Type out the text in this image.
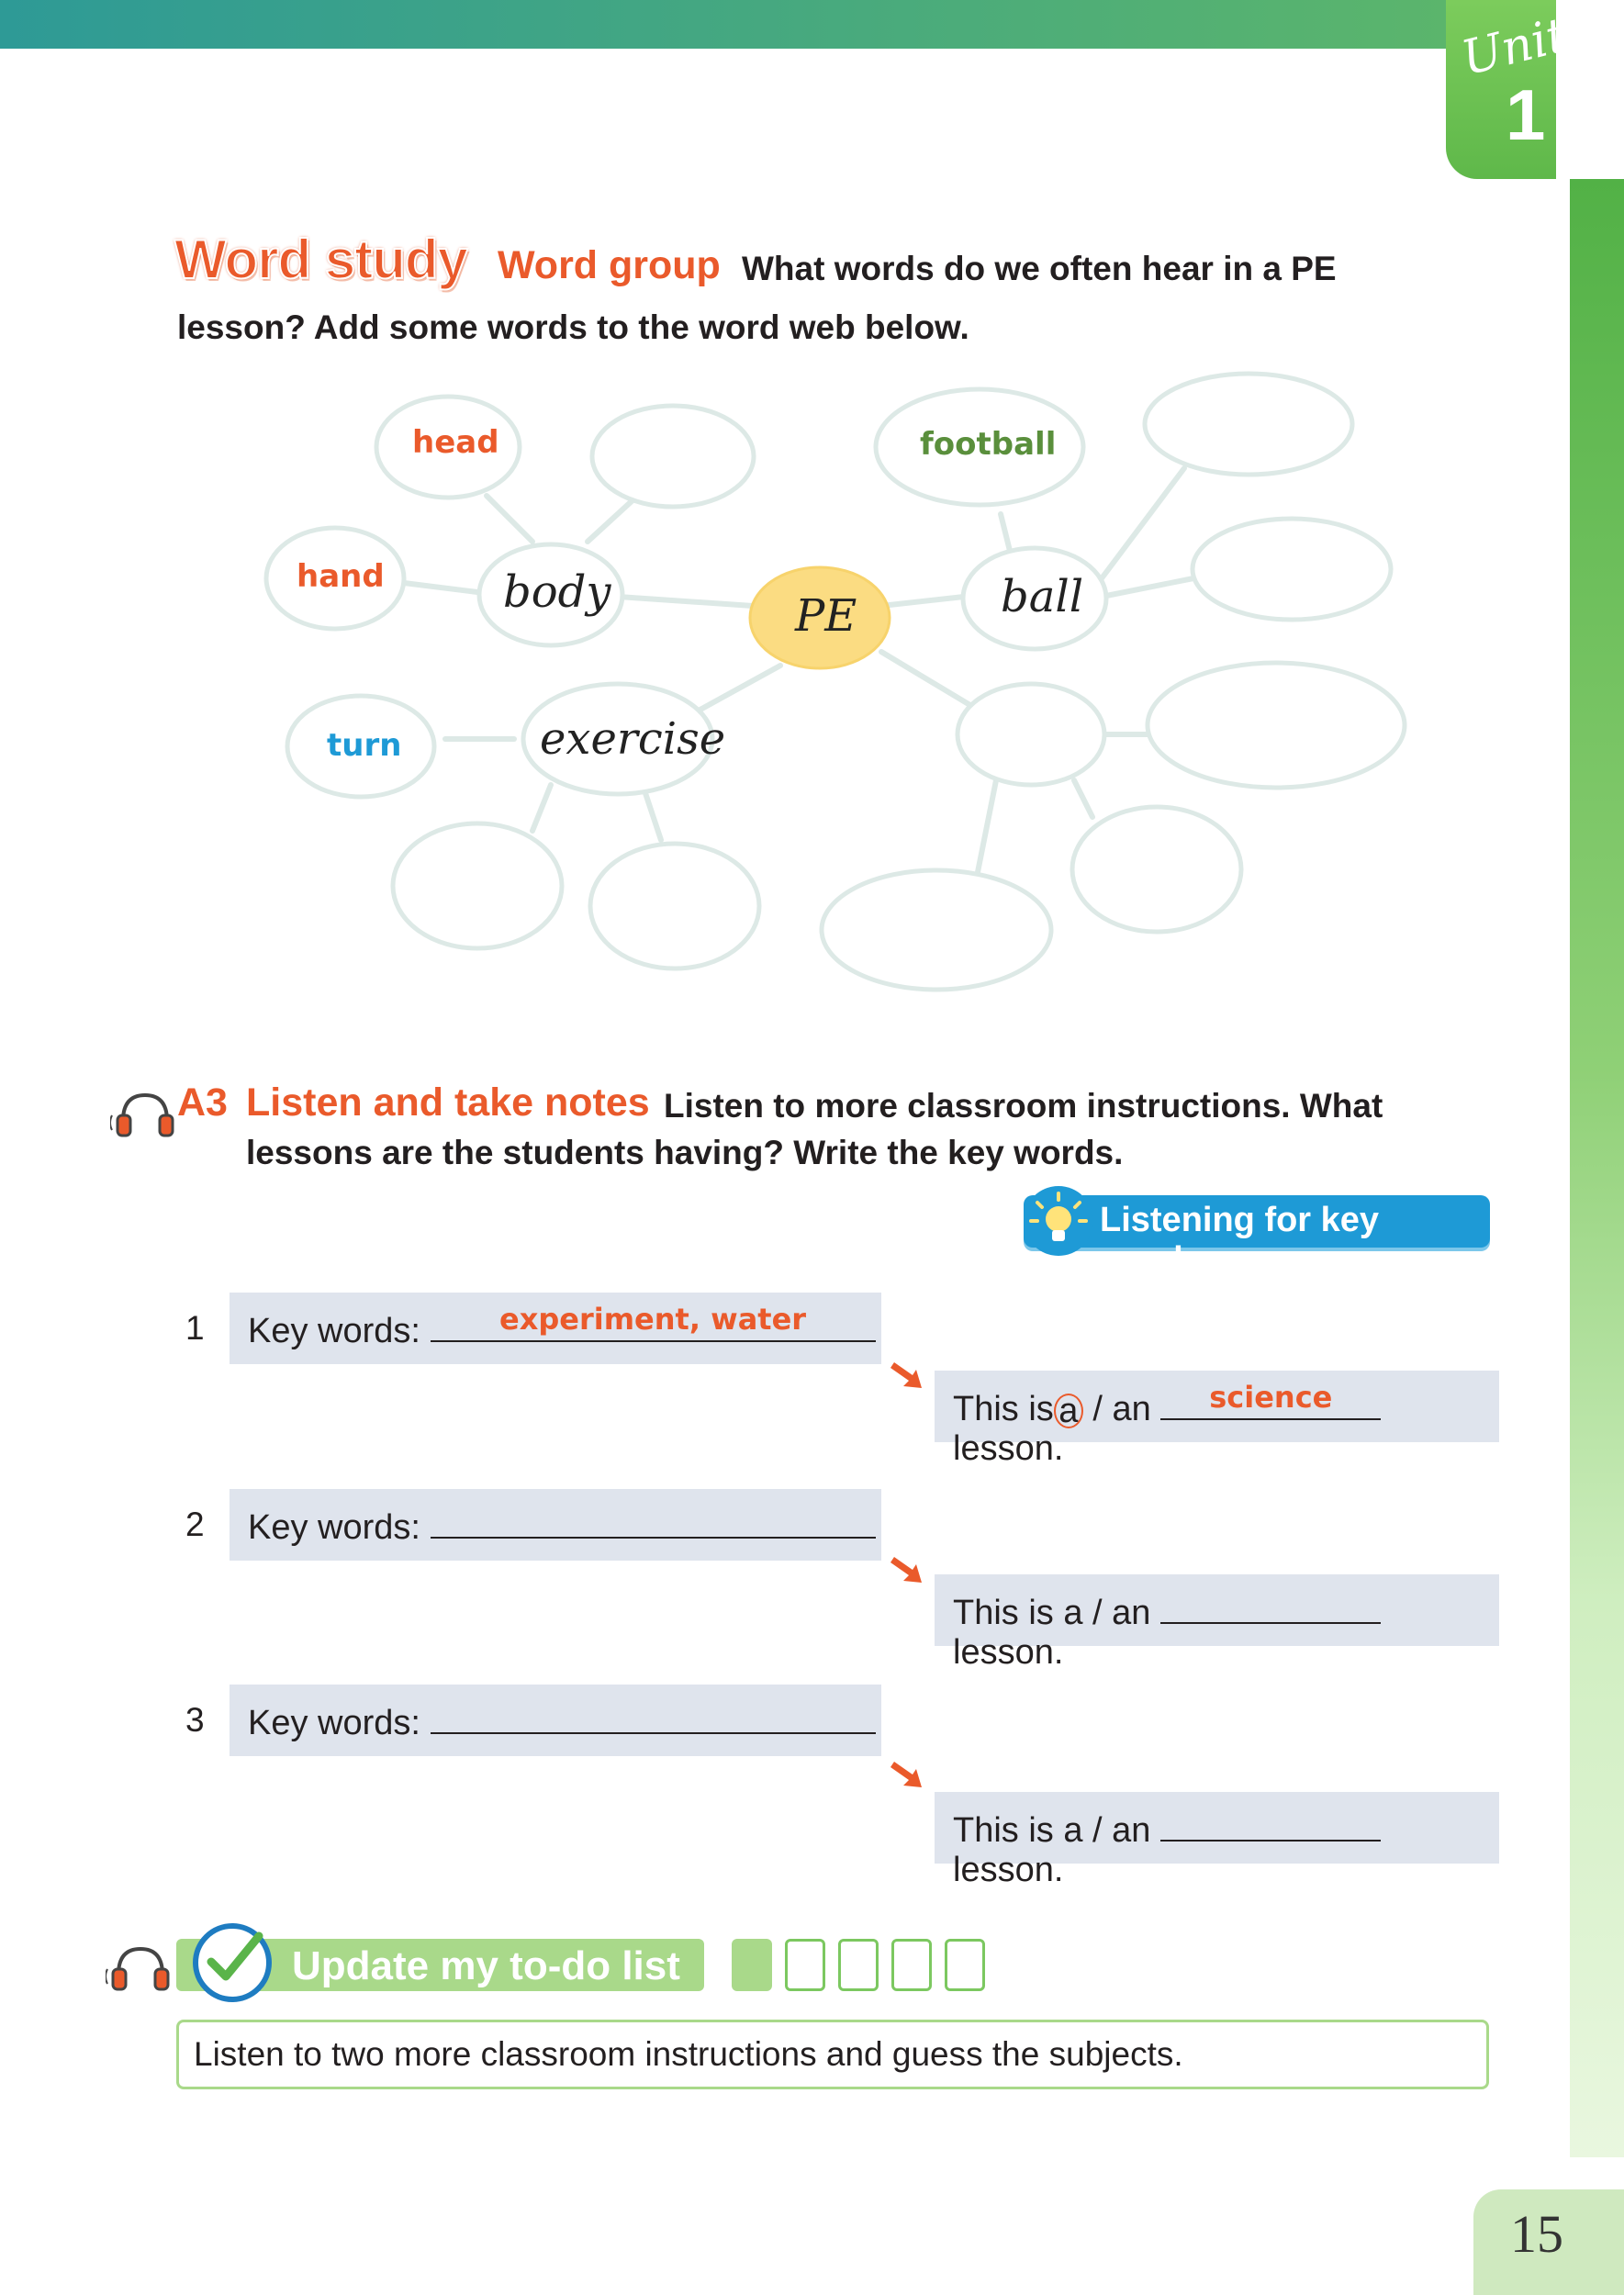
Unit
1
15
Word study Word group What words do we often hear in a PE
lesson? Add some words to the word web below.
PE
body	ball
exercise
head
hand
football
turn
A3 Listen and take notes Listen to more classroom instructions. What
lessons are the students having? Write the key words.
Listening for key words
1	Key words:	experiment, water
This is a / an	science
lesson.
2	Key words:
This is a / an
lesson.
3	Key words:
This is a / an
lesson.
Update my to-do list
Listen to two more classroom instructions and guess the subjects.
